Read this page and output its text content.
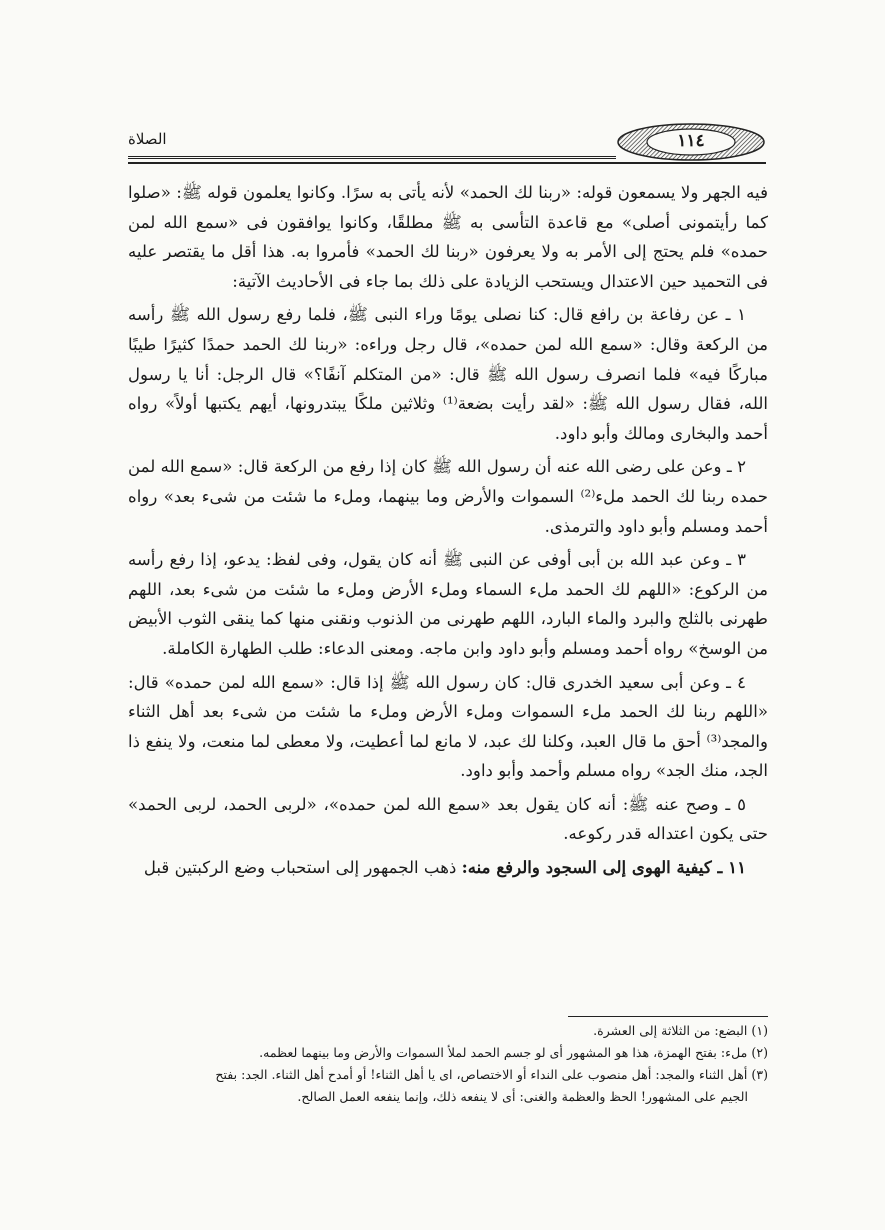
الصلاة	١١٤

فيه الجهر ولا يسمعون قوله: «ربنا لك الحمد» لأنه يأتى به سرًا. وكانوا يعلمون قوله ﷺ: «صلوا كما رأيتمونى أصلى» مع قاعدة التأسى به ﷺ مطلقًا، وكانوا يوافقون فى «سمع الله لمن حمده» فلم يحتج إلى الأمر به ولا يعرفون «ربنا لك الحمد» فأمروا به. هذا أقل ما يقتصر عليه فى التحميد حين الاعتدال ويستحب الزيادة على ذلك بما جاء فى الأحاديث الآتية:

١ ـ عن رفاعة بن رافع قال: كنا نصلى يومًا وراء النبى ﷺ، فلما رفع رسول الله ﷺ رأسه من الركعة وقال: «سمع الله لمن حمده»، قال رجل وراءه: «ربنا لك الحمد حمدًا كثيرًا طيبًا مباركًا فيه» فلما انصرف رسول الله ﷺ قال: «من المتكلم آنفًا؟» قال الرجل: أنا يا رسول الله، فقال رسول الله ﷺ: «لقد رأيت بضعة⁽¹⁾ وثلاثين ملكًا يبتدرونها، أيهم يكتبها أولاً» رواه أحمد والبخارى ومالك وأبو داود.

٢ ـ وعن على رضى الله عنه أن رسول الله ﷺ كان إذا رفع من الركعة قال: «سمع الله لمن حمده ربنا لك الحمد ملء⁽²⁾ السموات والأرض وما بينهما، وملء ما شئت من شىء بعد» رواه أحمد ومسلم وأبو داود والترمذى.

٣ ـ وعن عبد الله بن أبى أوفى عن النبى ﷺ أنه كان يقول، وفى لفظ: يدعو، إذا رفع رأسه من الركوع: «اللهم لك الحمد ملء السماء وملء الأرض وملء ما شئت من شىء بعد، اللهم طهرنى بالثلج والبرد والماء البارد، اللهم طهرنى من الذنوب ونقنى منها كما ينقى الثوب الأبيض من الوسخ» رواه أحمد ومسلم وأبو داود وابن ماجه. ومعنى الدعاء: طلب الطهارة الكاملة.

٤ ـ وعن أبى سعيد الخدرى قال: كان رسول الله ﷺ إذا قال: «سمع الله لمن حمده» قال: «اللهم ربنا لك الحمد ملء السموات وملء الأرض وملء ما شئت من شىء بعد أهل الثناء والمجد⁽³⁾ أحق ما قال العبد، وكلنا لك عبد، لا مانع لما أعطيت، ولا معطى لما منعت، ولا ينفع ذا الجد، منك الجد» رواه مسلم وأحمد وأبو داود.

٥ ـ وصح عنه ﷺ: أنه كان يقول بعد «سمع الله لمن حمده»، «لربى الحمد، لربى الحمد» حتى يكون اعتداله قدر ركوعه.

١١ ـ كيفية الهوى إلى السجود والرفع منه: ذهب الجمهور إلى استحباب وضع الركبتين قبل

(١) البضع: من الثلاثة إلى العشرة.

(٢) ملء: بفتح الهمزة، هذا هو المشهور أى لو جسم الحمد لملأ السموات والأرض وما بينهما لعظمه.

(٣) أهل الثناء والمجد: أهل منصوب على النداء أو الاختصاص، اى يا أهل الثناء! أو أمدح أهل الثناء. الجد: بفتح

الجيم على المشهور! الحظ والعظمة والغنى: أى لا ينفعه ذلك، وإنما ينفعه العمل الصالح.
